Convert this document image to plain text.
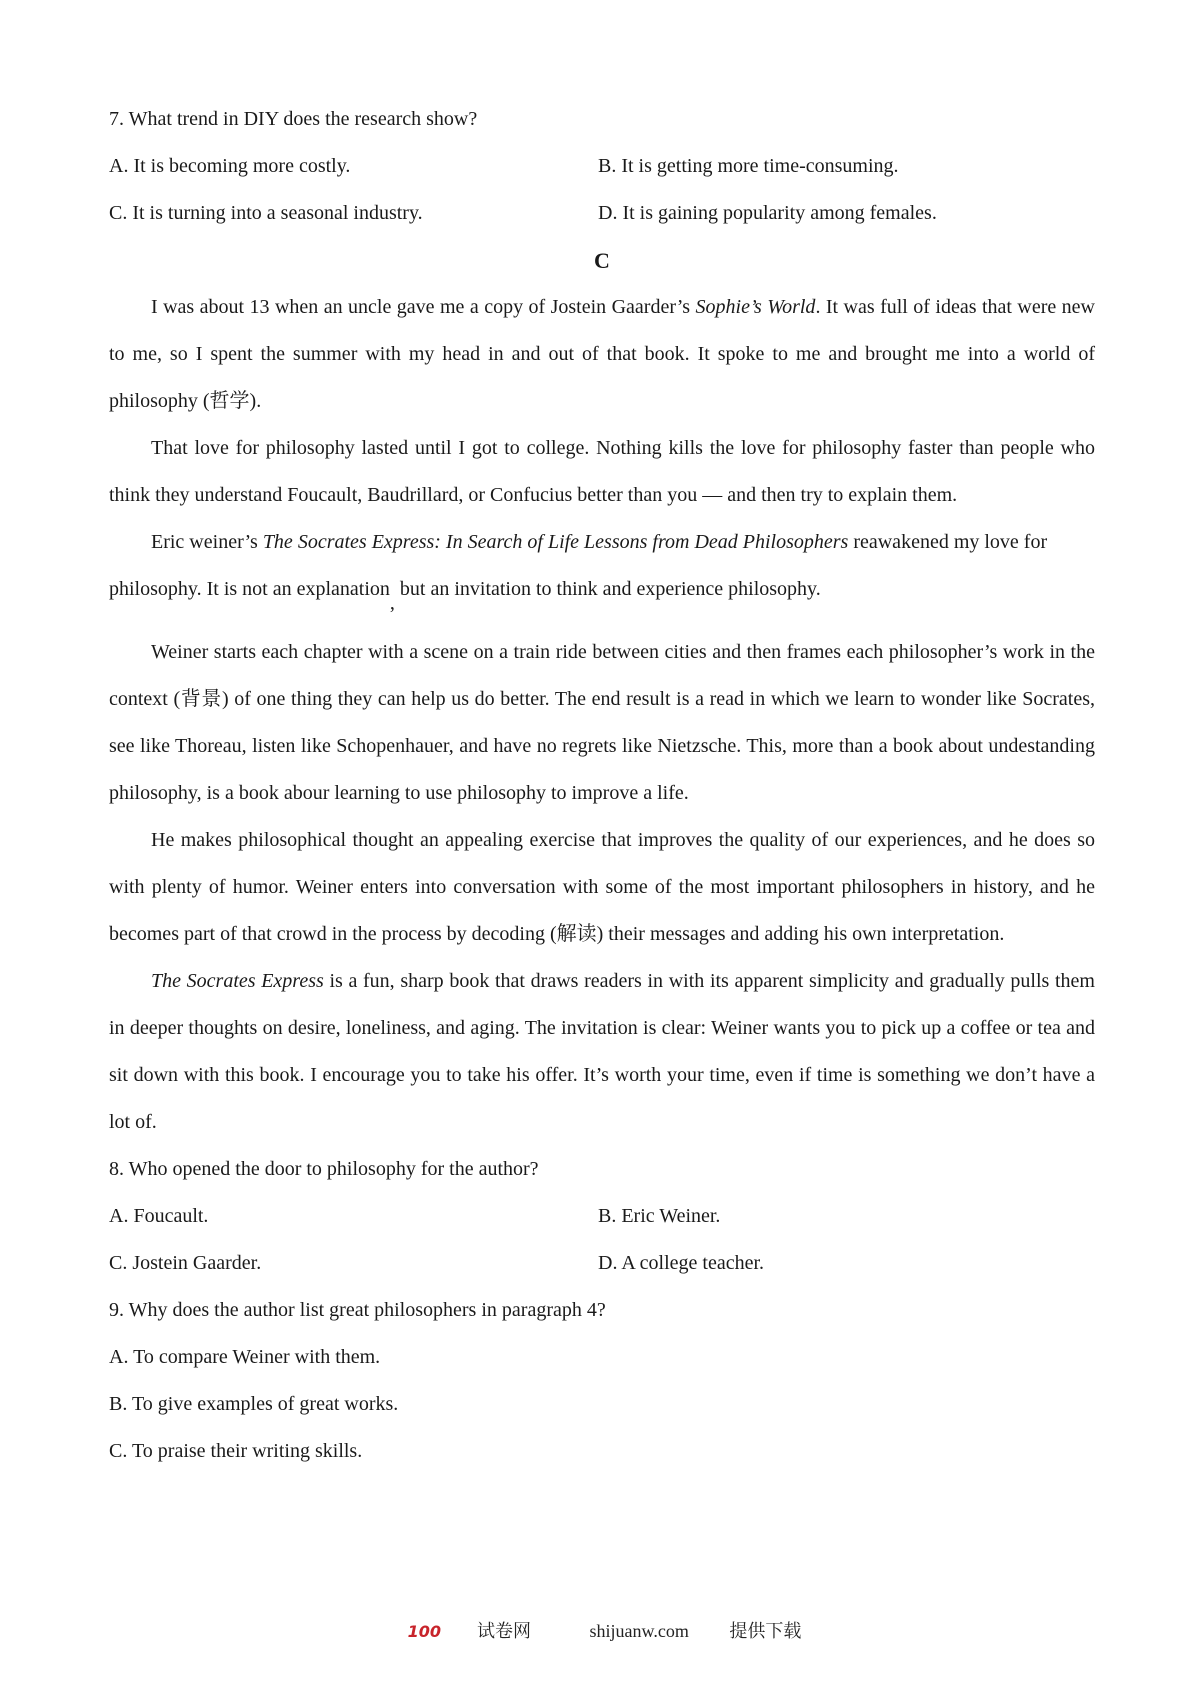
7. What trend in DIY does the research show?
A. It is becoming more costly.	B. It is getting more time-consuming.
C. It is turning into a seasonal industry.	D. It is gaining popularity among females.
C

I was about 13 when an uncle gave me a copy of Jostein Gaarder’s Sophie’s World. It was full of ideas that were new to me, so I spent the summer with my head in and out of that book. It spoke to me and brought me into a world of philosophy (哲学).

That love for philosophy lasted until I got to college. Nothing kills the love for philosophy faster than people who think they understand Foucault, Baudrillard, or Confucius better than you — and then try to explain them.

Eric weiner’s The Socrates Express: In Search of Life Lessons from Dead Philosophers reawakened my love for philosophy. It is not an explanation, but an invitation to think and experience philosophy.

Weiner starts each chapter with a scene on a train ride between cities and then frames each philosopher’s work in the context (背景) of one thing they can help us do better. The end result is a read in which we learn to wonder like Socrates, see like Thoreau, listen like Schopenhauer, and have no regrets like Nietzsche. This, more than a book about undestanding philosophy, is a book abour learning to use philosophy to improve a life.

He makes philosophical thought an appealing exercise that improves the quality of our experiences, and he does so with plenty of humor. Weiner enters into conversation with some of the most important philosophers in history, and he becomes part of that crowd in the process by decoding (解读) their messages and adding his own interpretation.

The Socrates Express is a fun, sharp book that draws readers in with its apparent simplicity and gradually pulls them in deeper thoughts on desire, loneliness, and aging. The invitation is clear: Weiner wants you to pick up a coffee or tea and sit down with this book. I encourage you to take his offer. It’s worth your time, even if time is something we don’t have a lot of.

8. Who opened the door to philosophy for the author?
A. Foucault.	B. Eric Weiner.
C. Jostein Gaarder.	D. A college teacher.
9. Why does the author list great philosophers in paragraph 4?
A. To compare Weiner with them.
B. To give examples of great works.
C. To praise their writing skills.
100 试卷网	shijuanw.com 提供下载
